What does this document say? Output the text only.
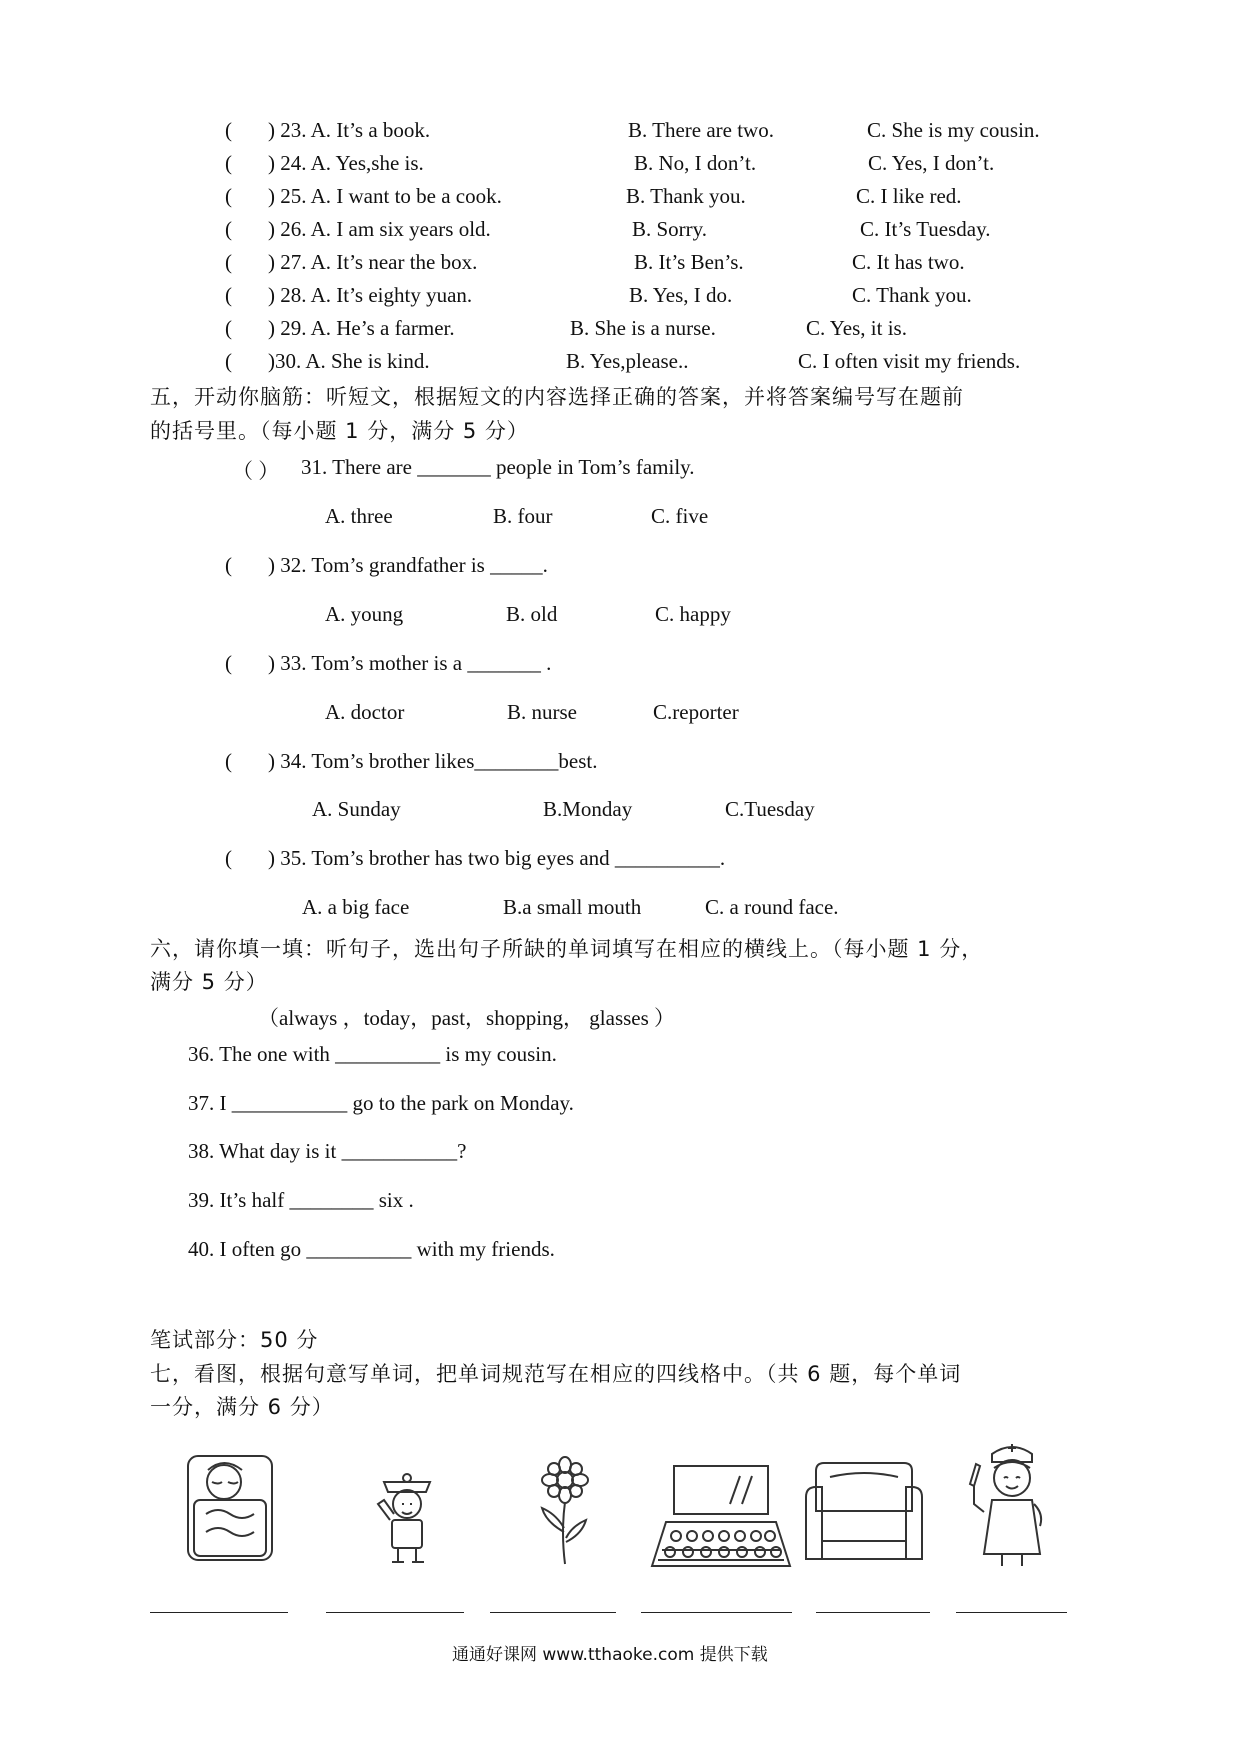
( ) 23. A. It’s a book.	B. There are two.	C. She is my cousin.
( ) 24. A. Yes,she is.	B. No, I don’t.	C. Yes, I don’t.
( ) 25. A. I want to be a cook.	B. Thank you.	C. I like red.
( ) 26. A. I am six years old.	B. Sorry.	C. It’s Tuesday.
( ) 27. A. It’s near the box.	B. It’s Ben’s.	C. It has two.
( ) 28. A. It’s eighty yuan.	B. Yes, I do.	C. Thank you.
( ) 29. A. He’s a farmer.	B. She is a nurse.	C. Yes, it is.
( )30. A. She is kind.	B. Yes,please..	C. I often visit my friends.
五，开动你脑筋：听短文，根据短文的内容选择正确的答案，并将答案编号写在题前
的括号里。（每小题 1 分，满分 5 分）
（ ） 31. There are _______ people in Tom’s family.
A. three	B. four	C. five
( ) 32. Tom’s grandfather is _____.
A. young	B. old	C. happy
( ) 33. Tom’s mother is a _______ .
A. doctor	B. nurse	C.reporter
( ) 34. Tom’s brother likes________best.
A. Sunday	B.Monday	C.Tuesday
( ) 35. Tom’s brother has two big eyes and __________.
A. a big face	B.a small mouth	C. a round face.
六，请你填一填：听句子，选出句子所缺的单词填写在相应的横线上。（每小题 1 分，
满分 5 分）
（always ，today，past，shopping， glasses ）
36. The one with __________ is my cousin.
37. I ___________ go to the park on Monday.
38. What day is it ___________?
39. It’s half ________ six .
40. I often go __________ with my friends.
笔试部分：50 分
七，看图，根据句意写单词，把单词规范写在相应的四线格中。（共 6 题，每个单词
一分，满分 6 分）
通通好课网 www.tthaoke.com 提供下载
